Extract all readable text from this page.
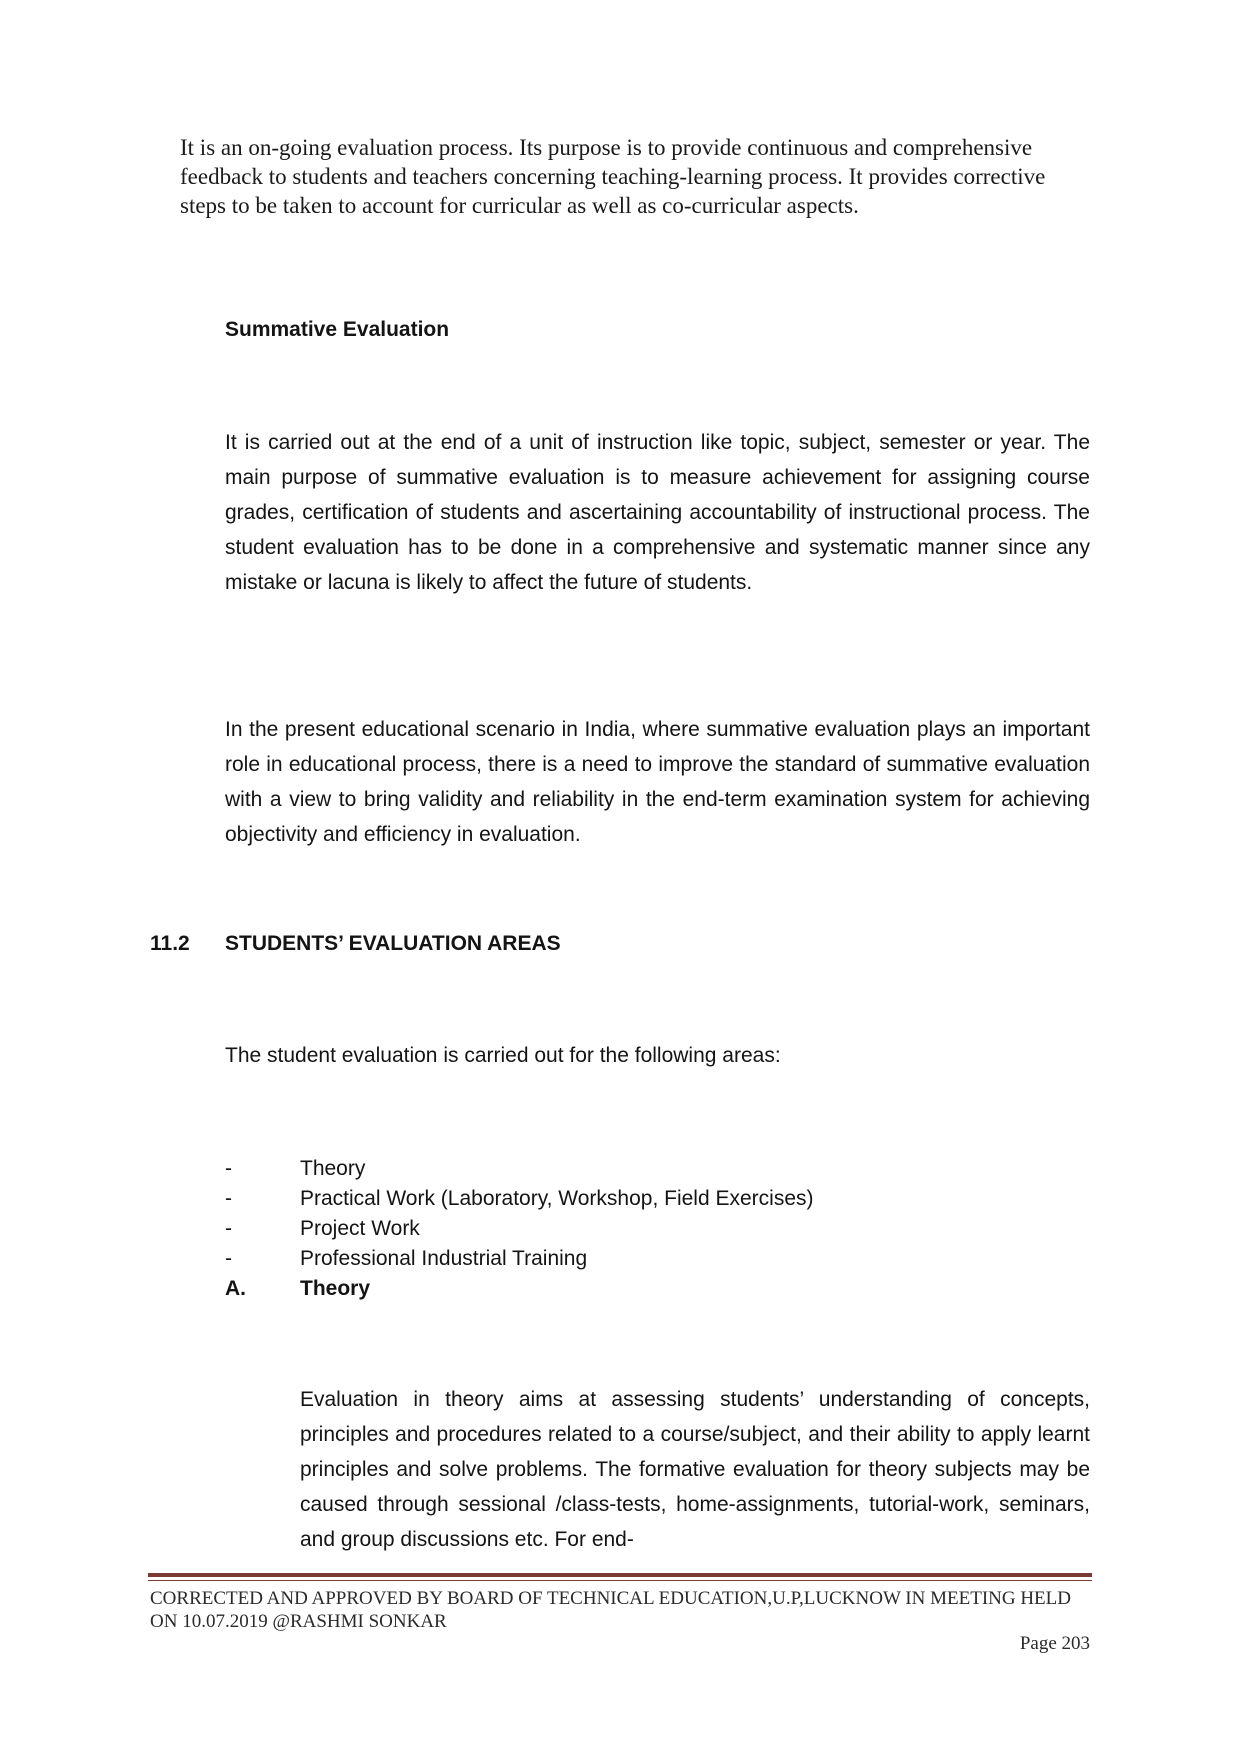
It is an on-going evaluation process. Its purpose is to provide continuous and comprehensive feedback to students and teachers concerning teaching-learning process. It provides corrective steps to be taken to account for curricular as well as co-curricular aspects.
Summative Evaluation
It is carried out at the end of a unit of instruction like topic, subject, semester or year. The main purpose of summative evaluation is to measure achievement for assigning course grades, certification of students and ascertaining accountability of instructional process. The student evaluation has to be done in a comprehensive and systematic manner since any mistake or lacuna is likely to affect the future of students.
In the present educational scenario in India, where summative evaluation plays an important role in educational process, there is a need to improve the standard of summative evaluation with a view to bring validity and reliability in the end-term examination system for achieving objectivity and efficiency in evaluation.
11.2 STUDENTS’ EVALUATION AREAS
The student evaluation is carried out for the following areas:
-	Theory
-	Practical Work (Laboratory, Workshop, Field Exercises)
-	Project Work
-	Professional Industrial Training
A.	Theory
Evaluation in theory aims at assessing students’ understanding of concepts, principles and procedures related to a course/subject, and their ability to apply learnt principles and solve problems. The formative evaluation for theory subjects may be caused through sessional /class-tests, home-assignments, tutorial-work, seminars, and group discussions etc. For end-
CORRECTED AND APPROVED BY BOARD OF TECHNICAL EDUCATION,U.P,LUCKNOW IN MEETING HELD
ON 10.07.2019 @RASHMI SONKAR
Page 203
